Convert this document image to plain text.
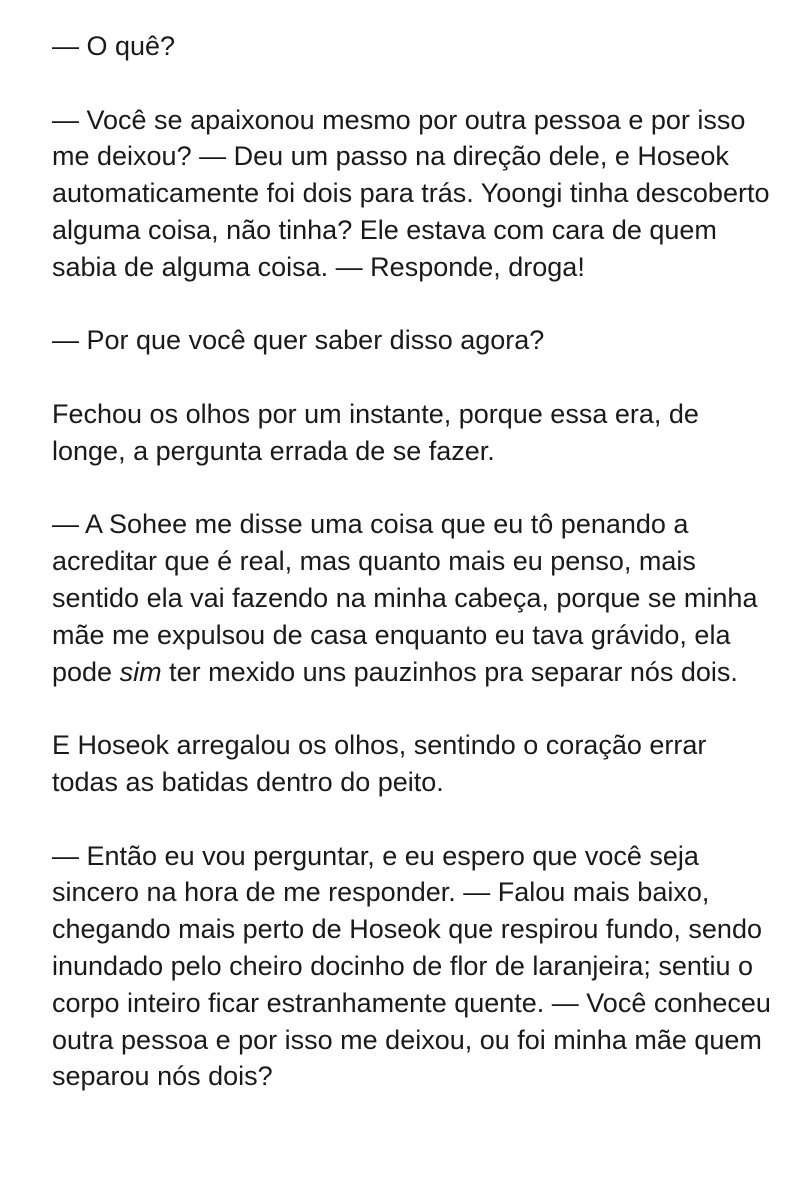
— O quê?

— Você se apaixonou mesmo por outra pessoa e por isso me deixou? — Deu um passo na direção dele, e Hoseok automaticamente foi dois para trás. Yoongi tinha descoberto alguma coisa, não tinha? Ele estava com cara de quem sabia de alguma coisa. — Responde, droga!

— Por que você quer saber disso agora?

Fechou os olhos por um instante, porque essa era, de longe, a pergunta errada de se fazer.

— A Sohee me disse uma coisa que eu tô penando a acreditar que é real, mas quanto mais eu penso, mais sentido ela vai fazendo na minha cabeça, porque se minha mãe me expulsou de casa enquanto eu tava grávido, ela pode sim ter mexido uns pauzinhos pra separar nós dois.

E Hoseok arregalou os olhos, sentindo o coração errar todas as batidas dentro do peito.

— Então eu vou perguntar, e eu espero que você seja sincero na hora de me responder. — Falou mais baixo, chegando mais perto de Hoseok que respirou fundo, sendo inundado pelo cheiro docinho de flor de laranjeira; sentiu o corpo inteiro ficar estranhamente quente. — Você conheceu outra pessoa e por isso me deixou, ou foi minha mãe quem separou nós dois?
